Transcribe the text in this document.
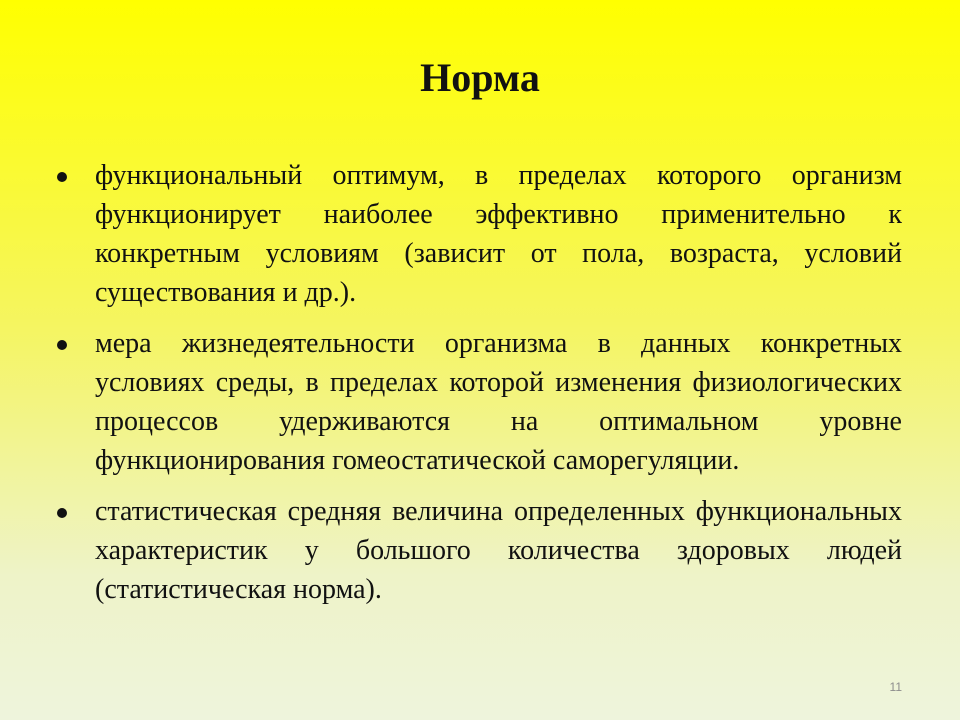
Норма
функциональный оптимум, в пределах которого организм функционирует наиболее эффективно применительно к конкретным условиям (зависит от пола, возраста, условий существования и др.).
мера жизнедеятельности организма в данных конкретных условиях среды, в пределах которой изменения физиологических процессов удерживаются на оптимальном уровне функционирования гомеостатической саморегуляции.
статистическая средняя величина определенных функциональных характеристик у большого количества здоровых людей (статистическая норма).
11
